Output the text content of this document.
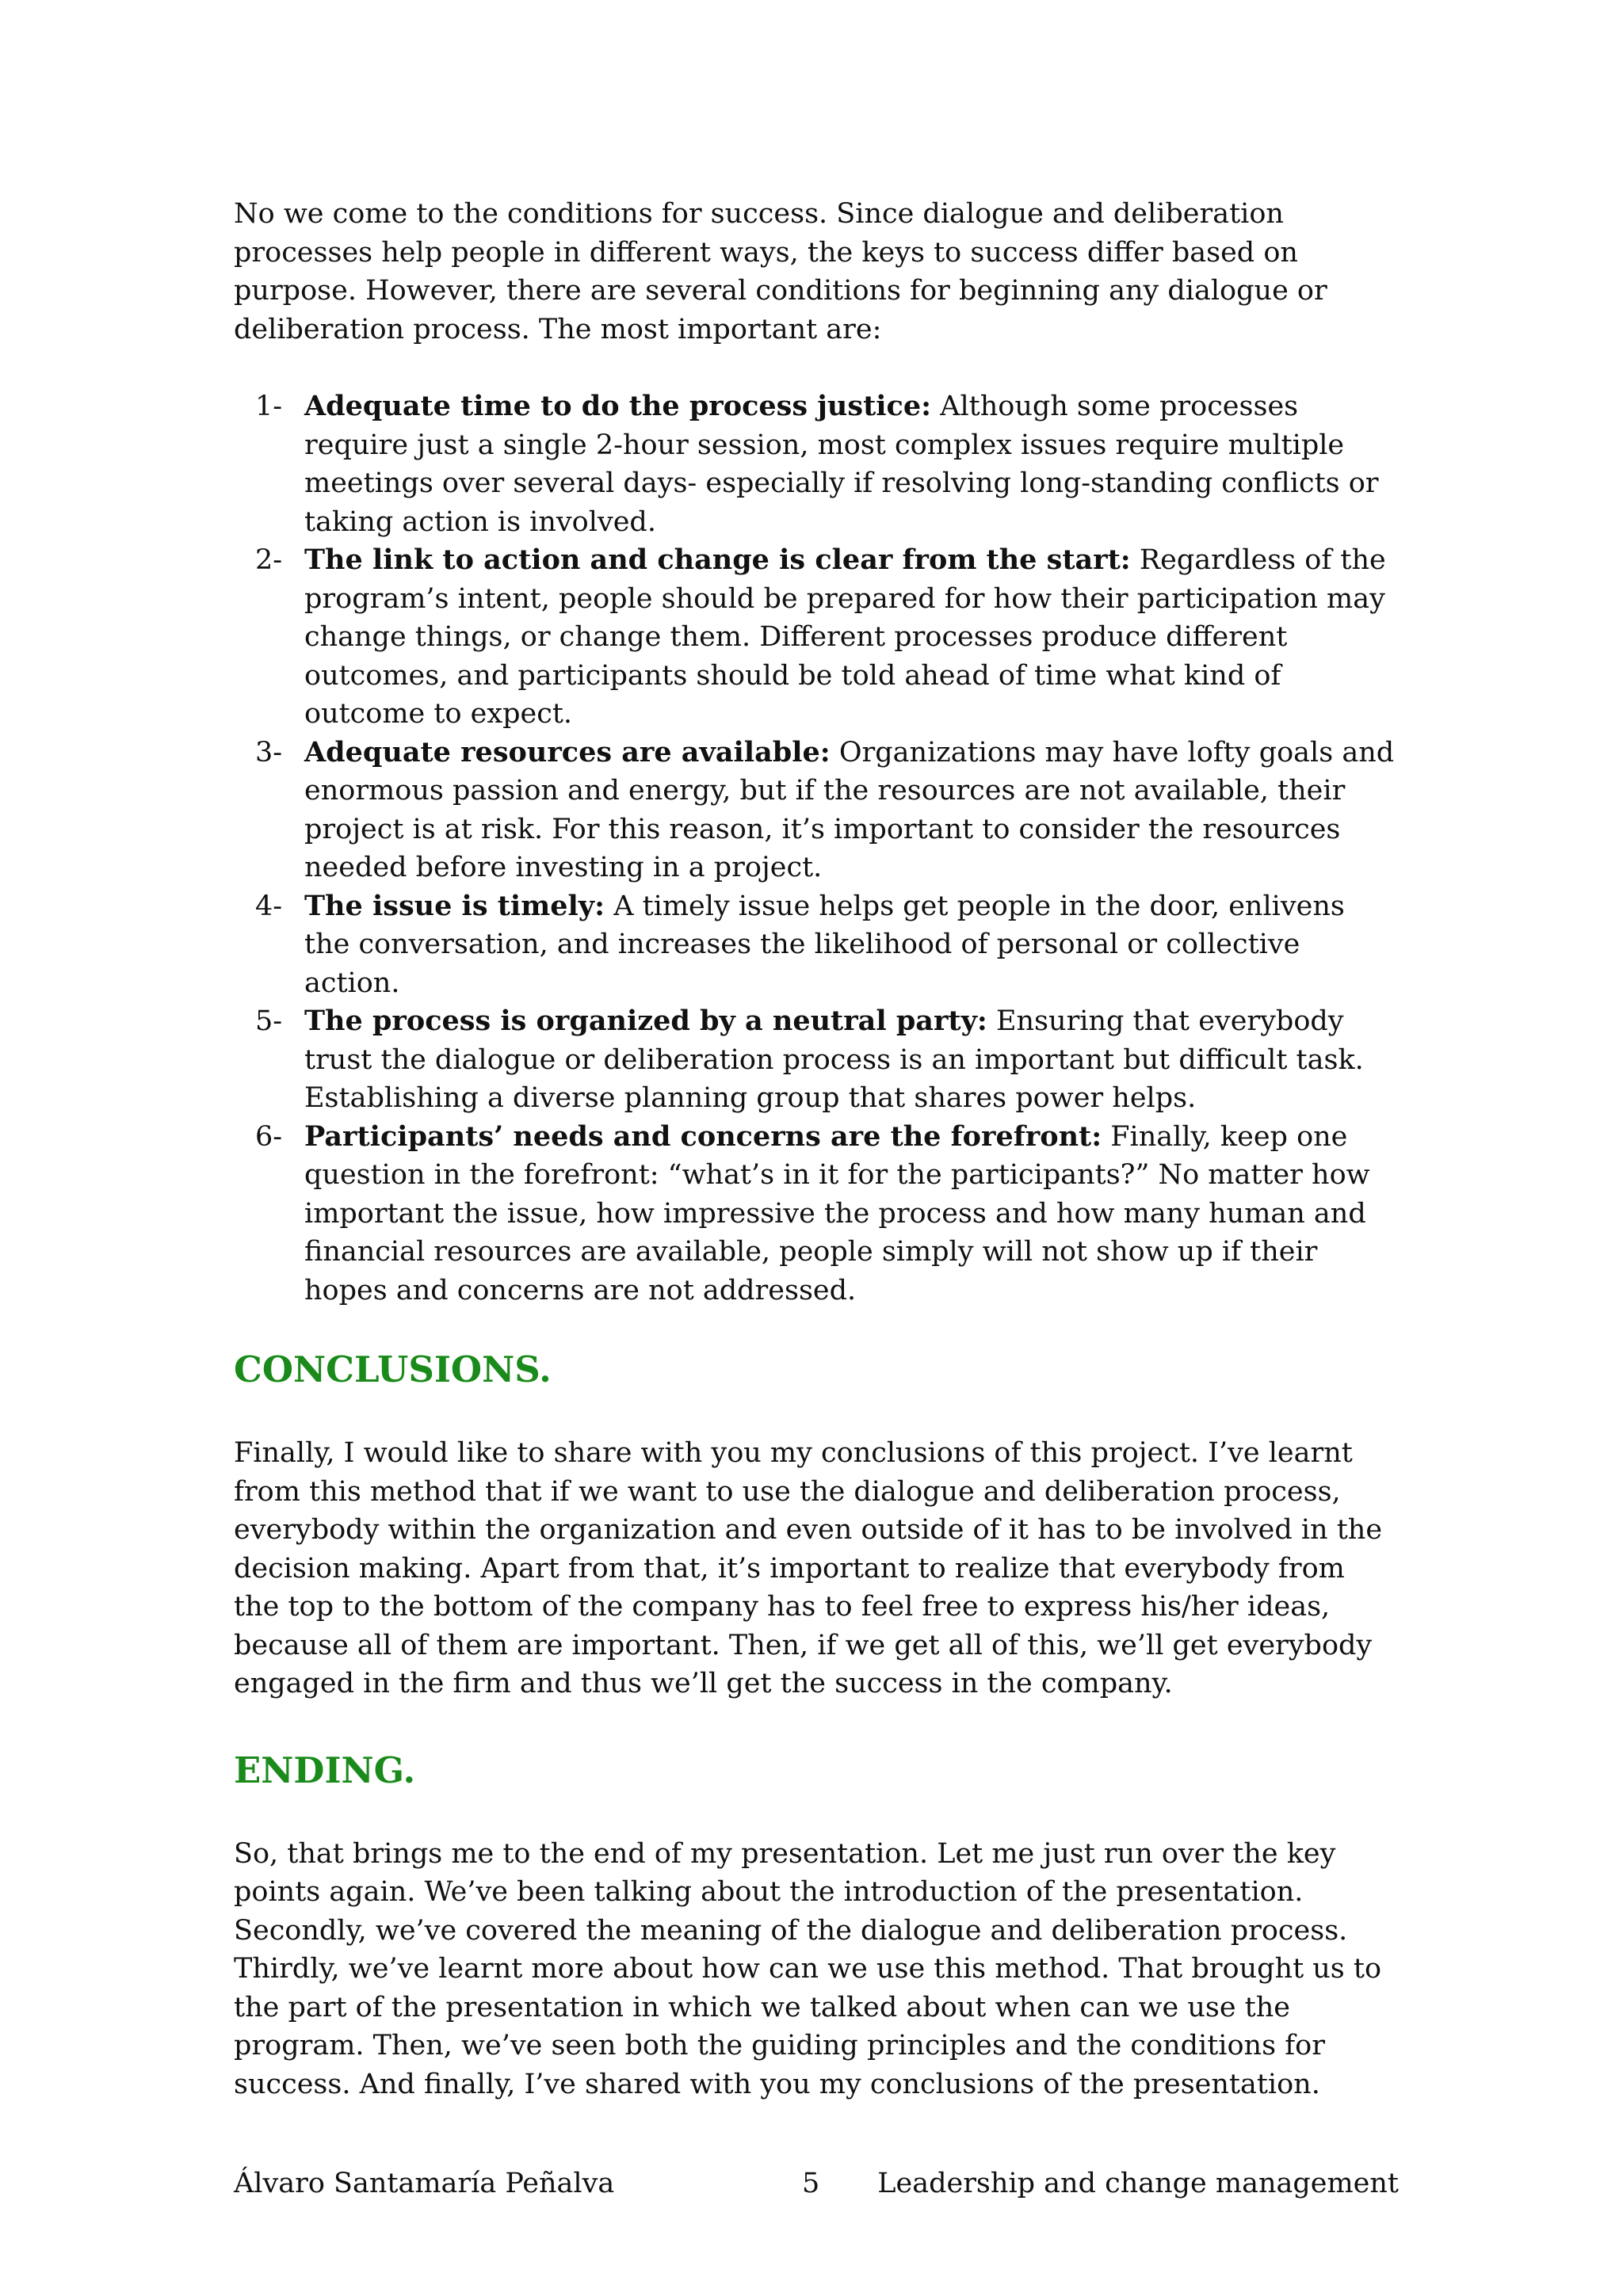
No we come to the conditions for success. Since dialogue and deliberation processes help people in different ways, the keys to success differ based on purpose. However, there are several conditions for beginning any dialogue or deliberation process. The most important are:

1- Adequate time to do the process justice: Although some processes require just a single 2-hour session, most complex issues require multiple meetings over several days- especially if resolving long-standing conflicts or taking action is involved.
2- The link to action and change is clear from the start: Regardless of the program’s intent, people should be prepared for how their participation may change things, or change them. Different processes produce different outcomes, and participants should be told ahead of time what kind of outcome to expect.
3- Adequate resources are available: Organizations may have lofty goals and enormous passion and energy, but if the resources are not available, their project is at risk. For this reason, it’s important to consider the resources needed before investing in a project.
4- The issue is timely: A timely issue helps get people in the door, enlivens the conversation, and increases the likelihood of personal or collective action.
5- The process is organized by a neutral party: Ensuring that everybody trust the dialogue or deliberation process is an important but difficult task. Establishing a diverse planning group that shares power helps.
6- Participants’ needs and concerns are the forefront: Finally, keep one question in the forefront: “what’s in it for the participants?” No matter how important the issue, how impressive the process and how many human and financial resources are available, people simply will not show up if their hopes and concerns are not addressed.
CONCLUSIONS.

Finally, I would like to share with you my conclusions of this project. I’ve learnt from this method that if we want to use the dialogue and deliberation process, everybody within the organization and even outside of it has to be involved in the decision making. Apart from that, it’s important to realize that everybody from the top to the bottom of the company has to feel free to express his/her ideas, because all of them are important. Then, if we get all of this, we’ll get everybody engaged in the firm and thus we’ll get the success in the company.

ENDING.

So, that brings me to the end of my presentation. Let me just run over the key points again. We’ve been talking about the introduction of the presentation. Secondly, we’ve covered the meaning of the dialogue and deliberation process. Thirdly, we’ve learnt more about how can we use this method. That brought us to the part of the presentation in which we talked about when can we use the program. Then, we’ve seen both the guiding principles and the conditions for success. And finally, I’ve shared with you my conclusions of the presentation.

Álvaro Santamaría Peñalva	5 Leadership and change management
